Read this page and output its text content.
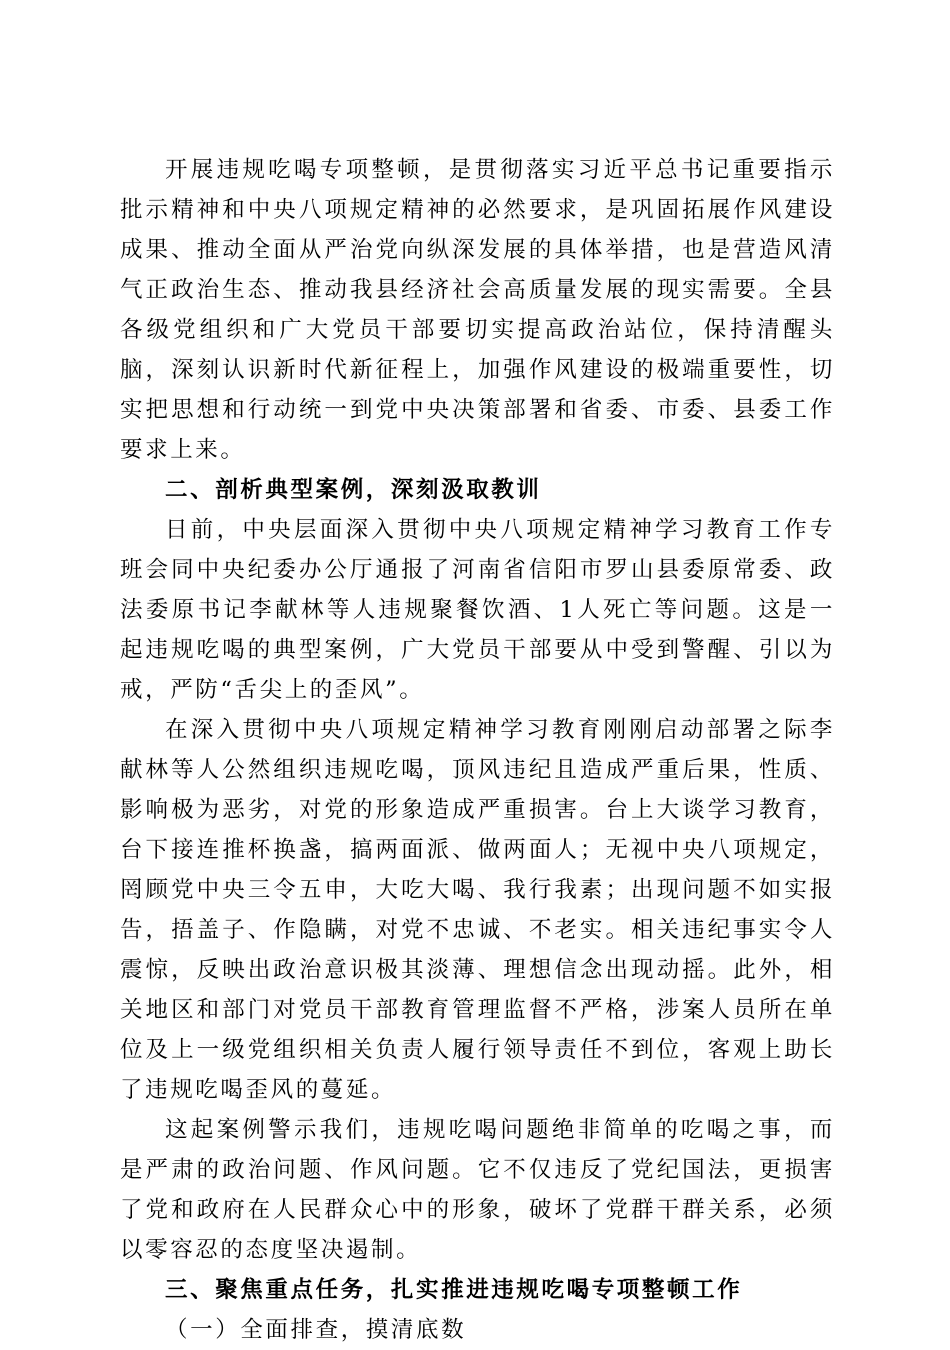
开展违规吃喝专项整顿，是贯彻落实习近平总书记重要指示批示精神和中央八项规定精神的必然要求，是巩固拓展作风建设成果、推动全面从严治党向纵深发展的具体举措，也是营造风清气正政治生态、推动我县经济社会高质量发展的现实需要。全县各级党组织和广大党员干部要切实提高政治站位，保持清醒头脑，深刻认识新时代新征程上，加强作风建设的极端重要性，切实把思想和行动统一到党中央决策部署和省委、市委、县委工作要求上来。

二、剖析典型案例，深刻汲取教训

日前，中央层面深入贯彻中央八项规定精神学习教育工作专班会同中央纪委办公厅通报了河南省信阳市罗山县委原常委、政法委原书记李献林等人违规聚餐饮酒、1人死亡等问题。这是一起违规吃喝的典型案例，广大党员干部要从中受到警醒、引以为戒，严防“舌尖上的歪风”。

在深入贯彻中央八项规定精神学习教育刚刚启动部署之际李献林等人公然组织违规吃喝，顶风违纪且造成严重后果，性质、影响极为恶劣，对党的形象造成严重损害。台上大谈学习教育，台下接连推杯换盏，搞两面派、做两面人；无视中央八项规定，罔顾党中央三令五申，大吃大喝、我行我素；出现问题不如实报告，捂盖子、作隐瞒，对党不忠诚、不老实。相关违纪事实令人震惊，反映出政治意识极其淡薄、理想信念出现动摇。此外，相关地区和部门对党员干部教育管理监督不严格，涉案人员所在单位及上一级党组织相关负责人履行领导责任不到位，客观上助长了违规吃喝歪风的蔓延。

这起案例警示我们，违规吃喝问题绝非简单的吃喝之事，而是严肃的政治问题、作风问题。它不仅违反了党纪国法，更损害了党和政府在人民群众心中的形象，破坏了党群干群关系，必须以零容忍的态度坚决遏制。

三、聚焦重点任务，扎实推进违规吃喝专项整顿工作
（一）全面排查，摸清底数
